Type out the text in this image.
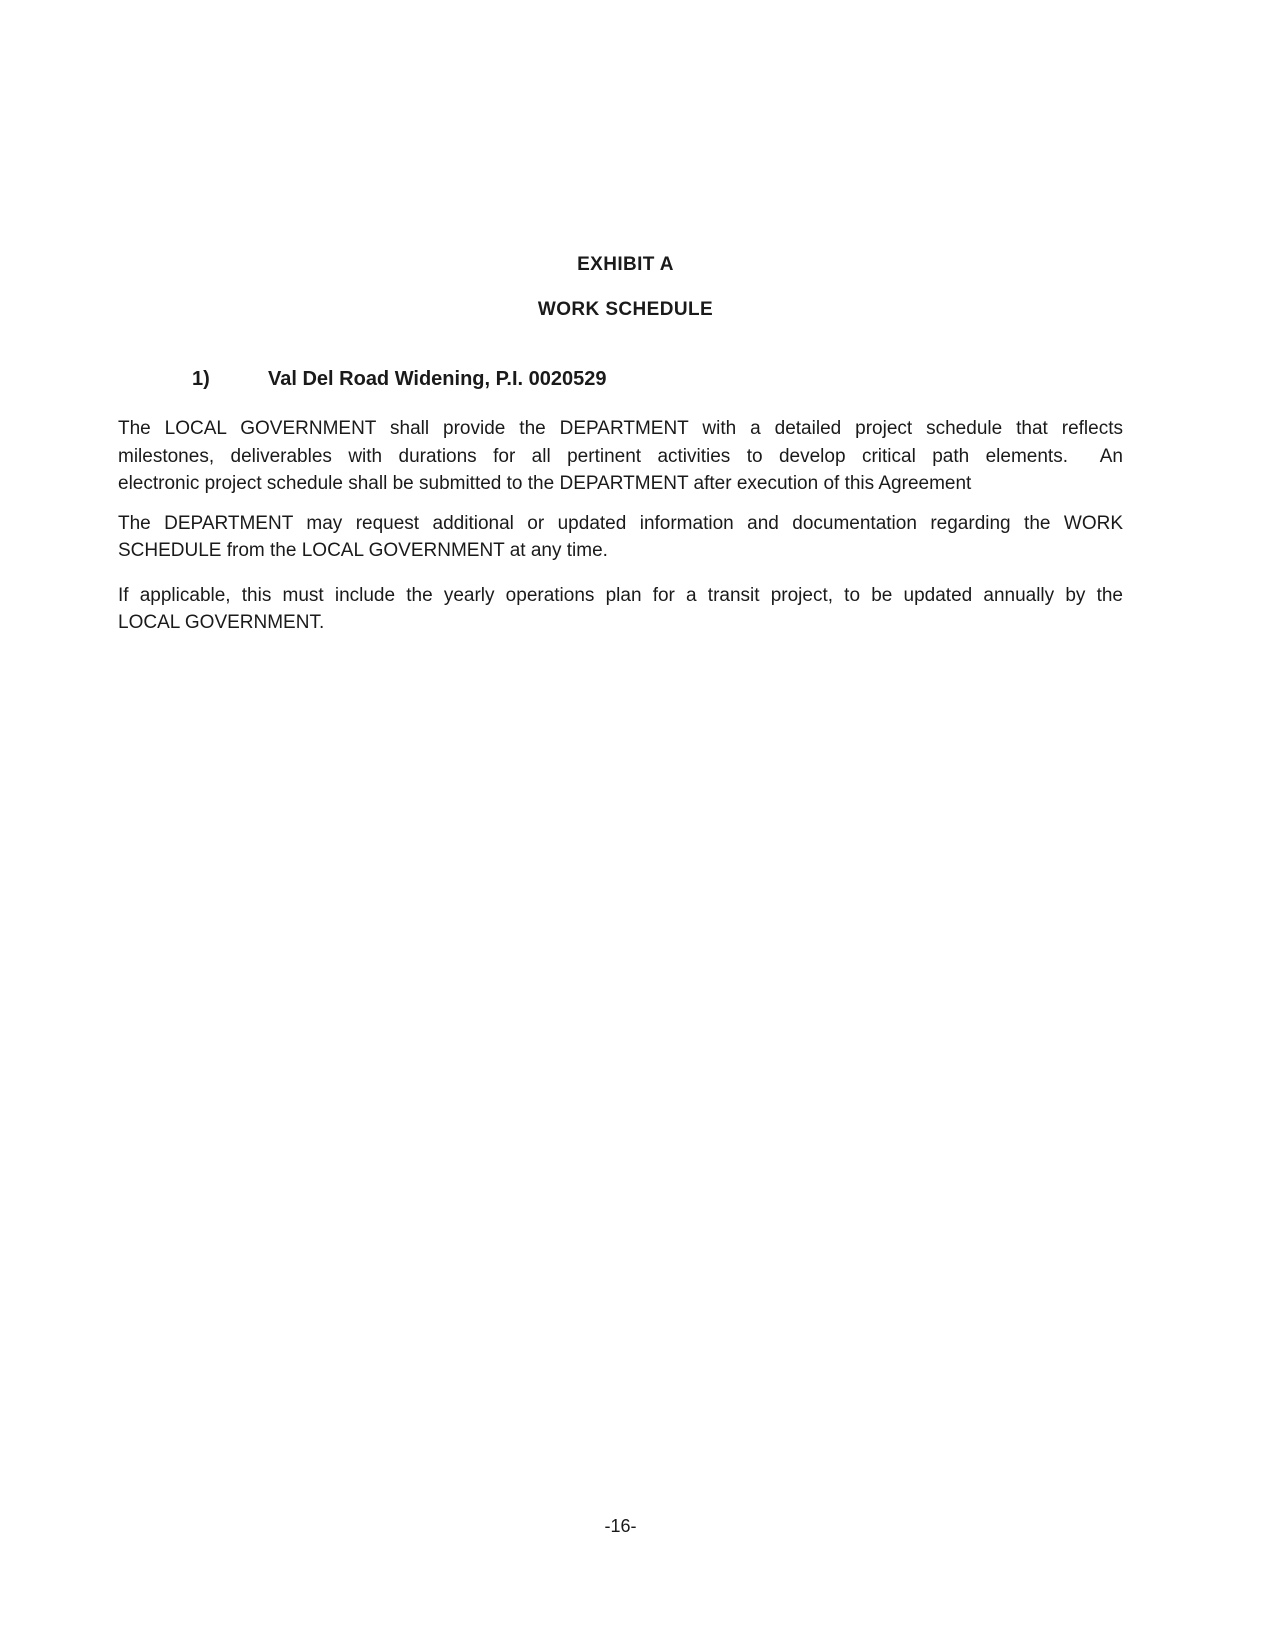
EXHIBIT A
WORK SCHEDULE
1)	Val Del Road Widening, P.I. 0020529
The LOCAL GOVERNMENT shall provide the DEPARTMENT with a detailed project schedule that reflects
milestones, deliverables with durations for all pertinent activities to develop critical path elements.  An
electronic project schedule shall be submitted to the DEPARTMENT after execution of this Agreement
The DEPARTMENT may request additional or updated information and documentation regarding the WORK
SCHEDULE from the LOCAL GOVERNMENT at any time.
If applicable, this must include the yearly operations plan for a transit project, to be updated annually by the
LOCAL GOVERNMENT.
-16-
